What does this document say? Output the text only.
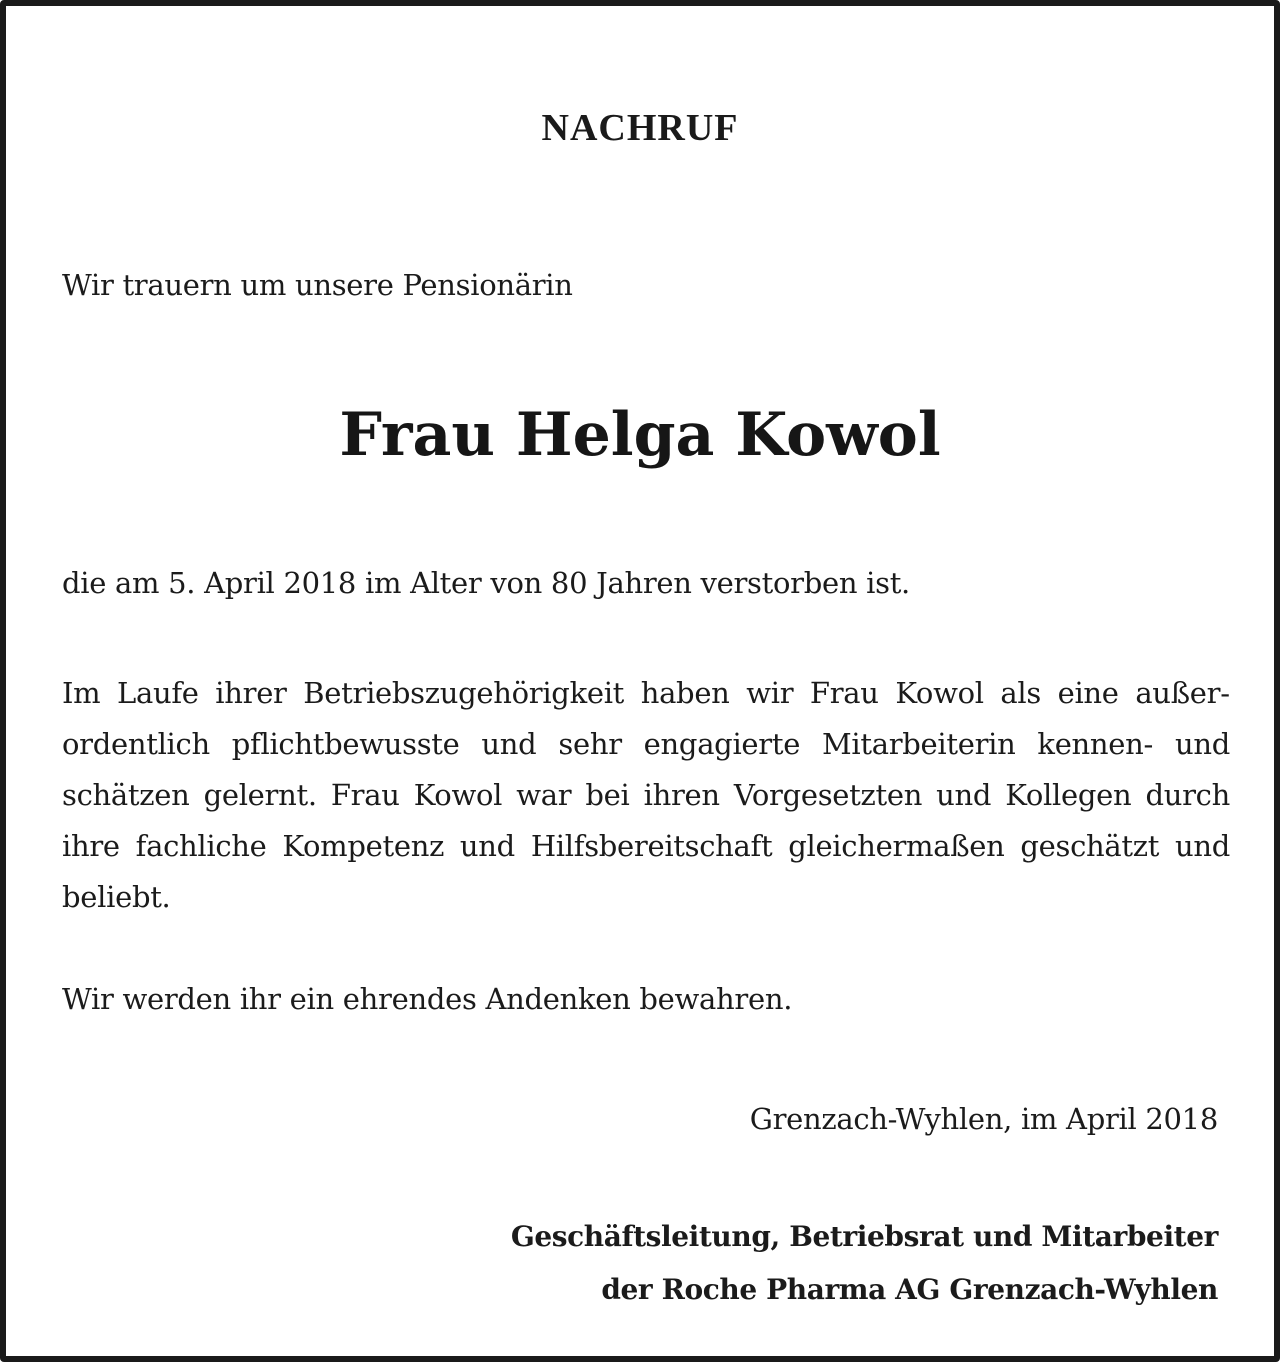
NACHRUF
Wir trauern um unsere Pensionärin
Frau Helga Kowol
die am 5. April 2018 im Alter von 80 Jahren verstorben ist.
Im Laufe ihrer Betriebszugehörigkeit haben wir Frau Kowol als eine außerordentlich pflichtbewusste und sehr engagierte Mitarbeiterin kennen- und schätzen gelernt. Frau Kowol war bei ihren Vorgesetzten und Kollegen durch ihre fachliche Kompetenz und Hilfsbereitschaft gleichermaßen geschätzt und beliebt.
Wir werden ihr ein ehrendes Andenken bewahren.
Grenzach-Wyhlen, im April 2018
Geschäftsleitung, Betriebsrat und Mitarbeiter
der Roche Pharma AG Grenzach-Wyhlen
